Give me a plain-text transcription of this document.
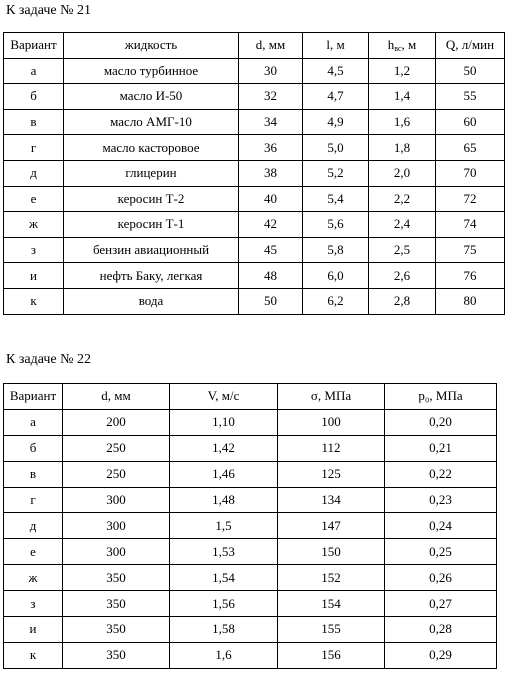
К задаче № 21
Вариант	жидкость	d, мм	l, м	$h_{вс}$, м	Q, л/мин
а	масло турбинное	30	4,5	1,2	50
б	масло И-50	32	4,7	1,4	55
в	масло АМГ-10	34	4,9	1,6	60
г	масло касторовое	36	5,0	1,8	65
д	глицерин	38	5,2	2,0	70
е	керосин Т-2	40	5,4	2,2	72
ж	керосин Т-1	42	5,6	2,4	74
з	бензин авиационный	45	5,8	2,5	75
и	нефть Баку, легкая	48	6,0	2,6	76
к	вода	50	6,2	2,8	80
К задаче № 22
Вариант	d, мм	V, м/с	σ, МПа	p₀, МПа
а	200	1,10	100	0,20
б	250	1,42	112	0,21
в	250	1,46	125	0,22
г	300	1,48	134	0,23
д	300	1,5	147	0,24
е	300	1,53	150	0,25
ж	350	1,54	152	0,26
з	350	1,56	154	0,27
и	350	1,58	155	0,28
к	350	1,6	156	0,29
